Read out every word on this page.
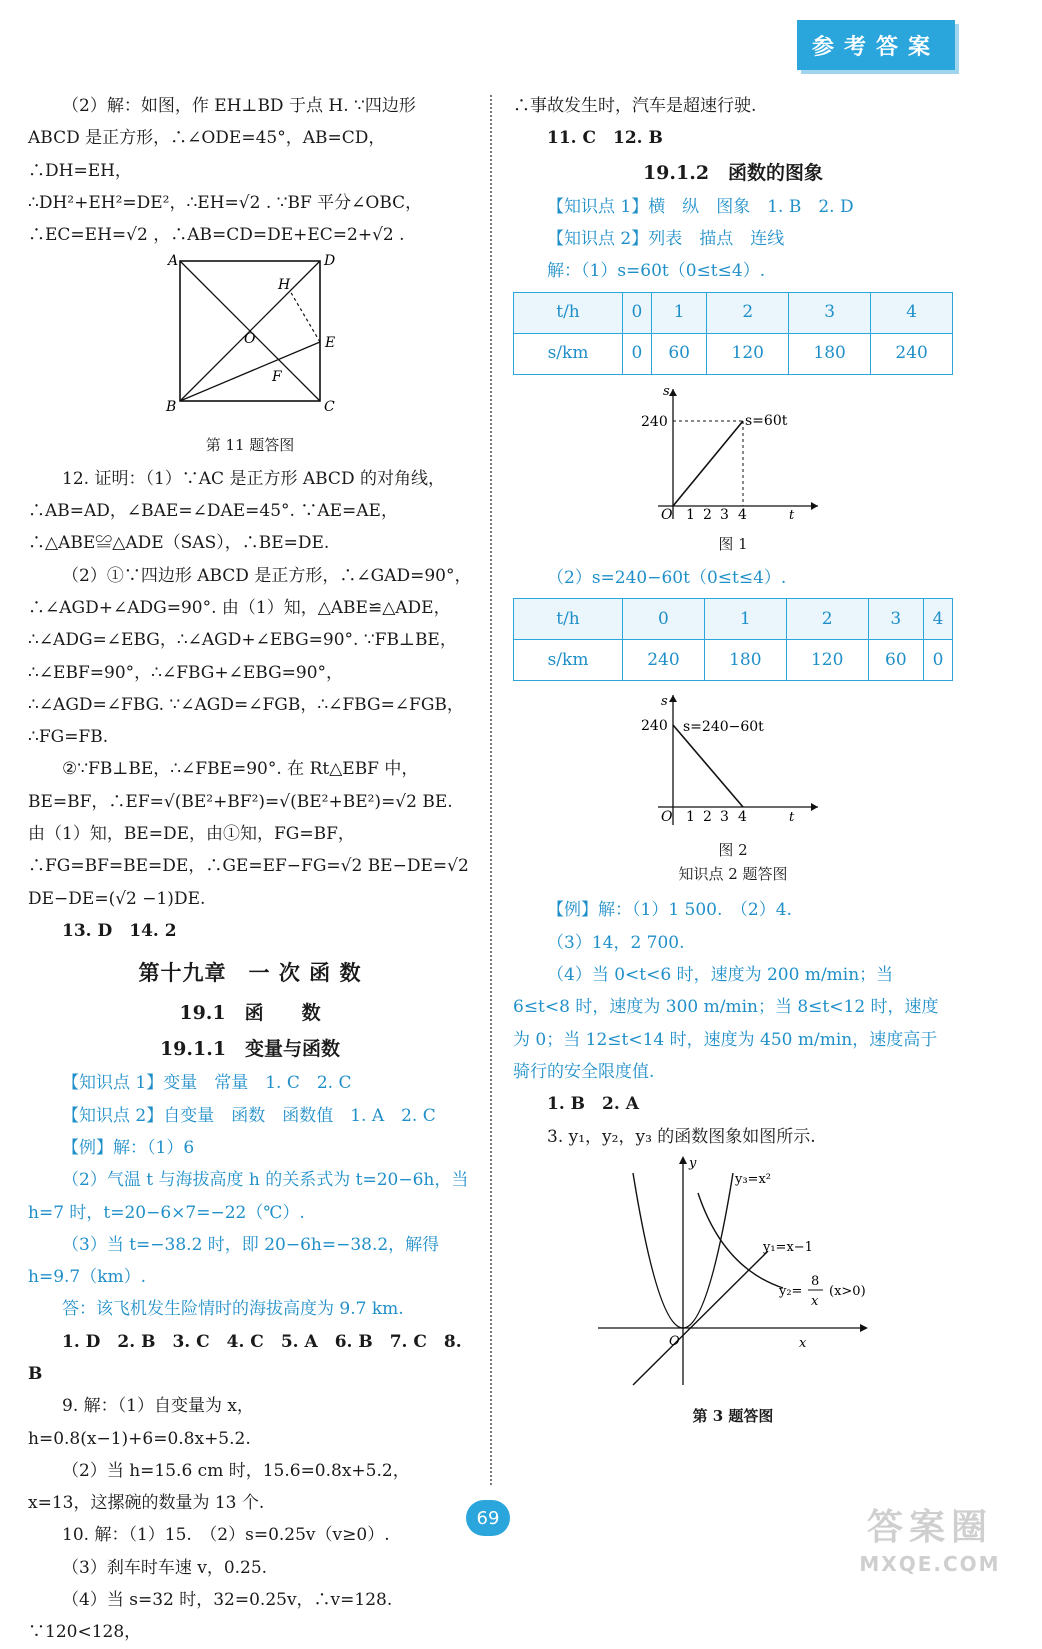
参考答案

（2）解：如图，作 EH⊥BD 于点 H. ∵四边形 ABCD 是正方形，∴∠ODE=45°，AB=CD，∴DH=EH，

∴DH²+EH²=DE²，∴EH=√2 . ∵BF 平分∠OBC，∴EC=EH=√2 ，∴AB=CD=DE+EC=2+√2 .

A	D
H
O	E
F
B	C

第 11 题答图

12. 证明：（1）∵AC 是正方形 ABCD 的对角线，∴AB=AD，∠BAE=∠DAE=45°. ∵AE=AE，∴△ABE≌△ADE（SAS），∴BE=DE.

（2）①∵四边形 ABCD 是正方形，∴∠GAD=90°，∴∠AGD+∠ADG=90°. 由（1）知，△ABE≌△ADE，∴∠ADG=∠EBG，∴∠AGD+∠EBG=90°. ∵FB⊥BE，∴∠EBF=90°，∴∠FBG+∠EBG=90°，∴∠AGD=∠FBG. ∵∠AGD=∠FGB，∴∠FBG=∠FGB，∴FG=FB.

②∵FB⊥BE，∴∠FBE=90°. 在 Rt△EBF 中，BE=BF，∴EF=√(BE²+BF²)=√(BE²+BE²)=√2 BE. 由（1）知，BE=DE，由①知，FG=BF，∴FG=BF=BE=DE，∴GE=EF−FG=√2 BE−DE=√2 DE−DE=(√2 −1)DE.

13. D　14. 2

第十九章　一 次 函 数

19.1　函　　数

19.1.1　变量与函数

【知识点 1】变量　常量　1. C　2. C

【知识点 2】自变量　函数　函数值　1. A　2. C

【例】解：（1）6

（2）气温 t 与海拔高度 h 的关系式为 t=20−6h，当 h=7 时，t=20−6×7=−22（℃）.

（3）当 t=−38.2 时，即 20−6h=−38.2，解得 h=9.7（km）.

答：该飞机发生险情时的海拔高度为 9.7 km.

1. D　2. B　3. C　4. C　5. A　6. B　7. C　8. B

9. 解：（1）自变量为 x，h=0.8(x−1)+6=0.8x+5.2.

（2）当 h=15.6 cm 时，15.6=0.8x+5.2，x=13，这摞碗的数量为 13 个.

10. 解：（1）15.　（2）s=0.25v（v≥0）.

（3）刹车时车速 v，0.25.

（4）当 s=32 时，32=0.25v，∴v=128. ∵120<128，

∴事故发生时，汽车是超速行驶.

11. C　12. B

19.1.2　函数的图象

【知识点 1】横　纵　图象　1. B　2. D

【知识点 2】列表　描点　连线

解：（1）s=60t（0≤t≤4）.

t/h	0	1	2	3	4
s/km	0	60	120	180	240
s
240
O 1 2 3 4	t
s=60t

图 1

（2）s=240−60t（0≤t≤4）.

t/h	0	1	2	3	4
s/km	240	180	120	60	0
s
240
O 1 2 3 4	t
s=240−60t

图 2

知识点 2 题答图

【例】解：（1）1 500.　（2）4.

（3）14，2 700.

（4）当 0<t<6 时，速度为 200 m/min；当 6≤t<8 时，速度为 300 m/min；当 8≤t<12 时，速度为 0；当 12≤t<14 时，速度为 450 m/min，速度高于骑行的安全限度值.

1. B　2. A

3. y₁，y₂，y₃ 的函数图象如图所示.

y
O	x
y₃=x²
y₁=x−1
y₂=
8
x
(x>0)

第 3 题答图

69	答案圈
MXQE.COM
